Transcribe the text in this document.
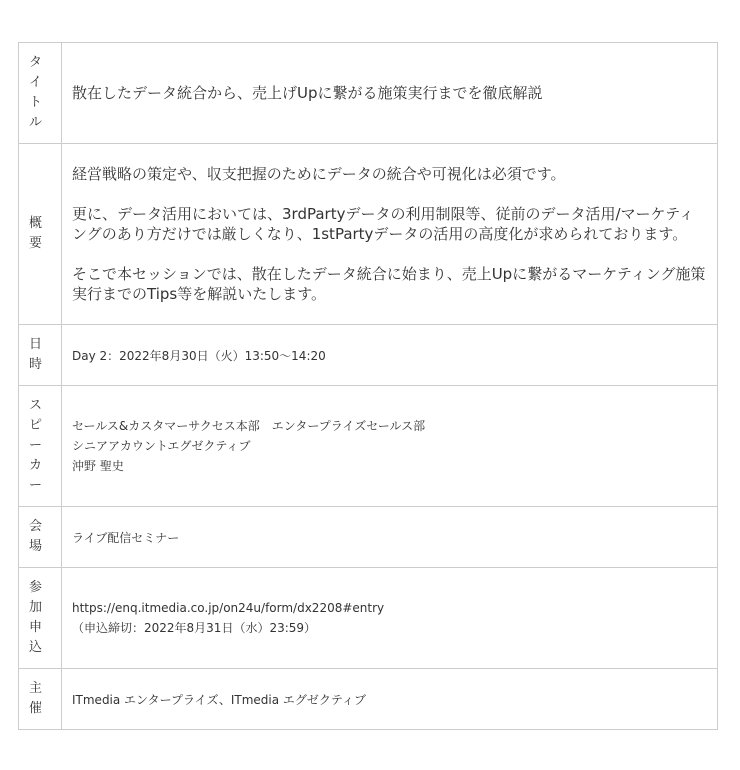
タイトル	散在したデータ統合から、売上げUpに繋がる施策実行までを徹底解説

概要	経営戦略の策定や、収支把握のためにデータの統合や可視化は必須です。

更に、データ活用においては、3rdPartyデータの利用制限等、従前のデータ活用/マーケティングのあり方だけでは厳しくなり、1stPartyデータの活用の高度化が求められております。

そこで本セッションでは、散在したデータ統合に始まり、売上Upに繋がるマーケティング施策実行までのTips等を解説いたします。

日時	Day 2：2022年8月30日（火）13:50～14:20

スピーカー	セールス&カスタマーサクセス本部　エンタープライズセールス部
シニアアカウントエグゼクティブ
沖野 聖史

会場	ライブ配信セミナー

参加申込	https://enq.itmedia.co.jp/on24u/form/dx2208#entry
（申込締切：2022年8月31日（水）23:59）

主催	ITmedia エンタープライズ、ITmedia エグゼクティブ
